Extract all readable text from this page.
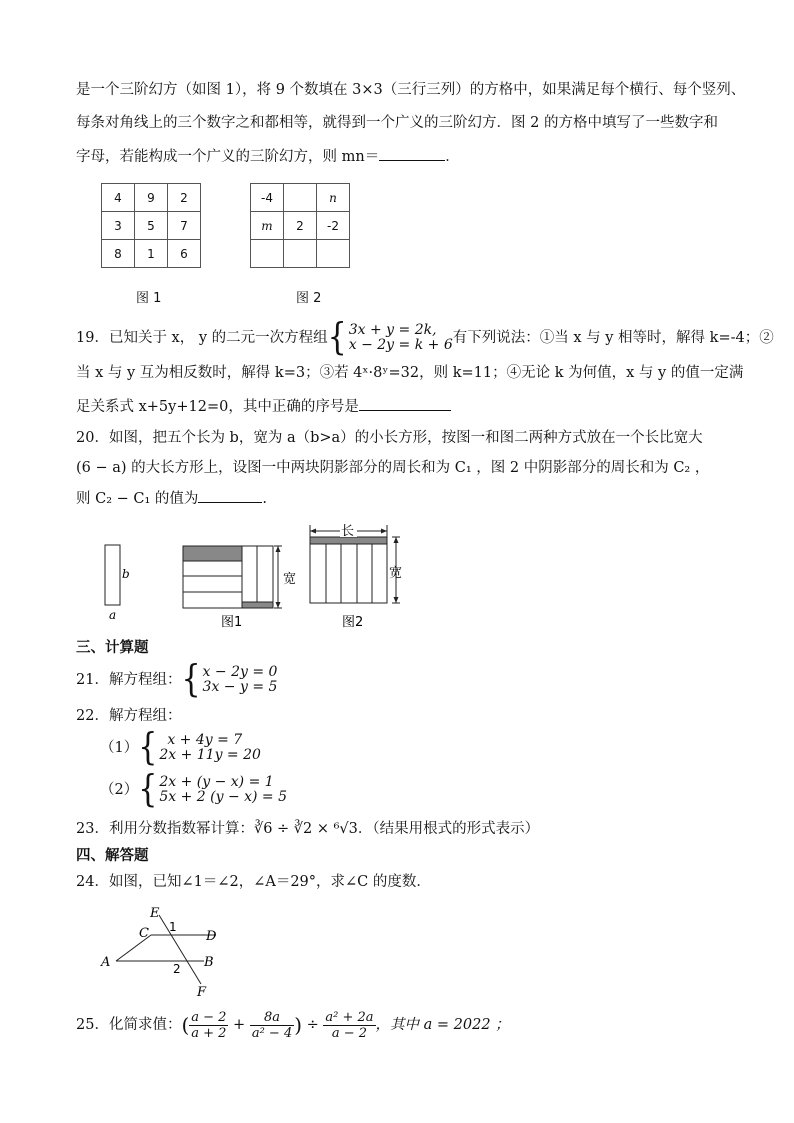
是一个三阶幻方（如图 1），将 9 个数填在 3×3（三行三列）的方格中，如果满足每个横行、每个竖列、
每条对角线上的三个数字之和都相等，就得到一个广义的三阶幻方．图 2 的方格中填写了一些数字和
字母，若能构成一个广义的三阶幻方，则 mn＝	．
4	9	2
3	5	7
8	1	6
图 1
-4		n
m	2	-2

图 2
19．已知关于 x， y 的二元一次方程组{ 3x + y = 2k,
x − 2y = k + 6 有下列说法：①当 x 与 y 相等时，解得 k=-4；②
当 x 与 y 互为相反数时，解得 k=3；③若 4ˣ·8ʸ=32，则 k=11；④无论 k 为何值，x 与 y 的值一定满
足关系式 x+5y+12=0，其中正确的序号是
20．如图，把五个长为 b，宽为 a（b>a）的小长方形，按图一和图二两种方式放在一个长比宽大
(6 − a) 的大长方形上，设图一中两块阴影部分的周长和为 C₁ ，图 2 中阴影部分的周长和为 C₂ ，
则 C₂ − C₁ 的值为	.
b
a
宽
长
宽
图1	图2
三、计算题
21．解方程组：{ x − 2y = 0
3x − y = 5
22．解方程组：
（1）{ x + 4y = 7
2x + 11y = 20
（2）{ 2x + (y − x) = 1
5x + 2 (y − x) = 5
23．利用分数指数幂计算：∛6 ÷ ∛2 × ⁶√3．（结果用根式的形式表示）
四、解答题
24．如图，已知∠1＝∠2，∠A＝29°，求∠C 的度数．
E
C 1
D
A	2 B
F
25．化简求值：( $\frac{a - 2}{a + 2} + \frac{8a}{\text{a² − 4}}$ ) ÷ $\frac{\text{a² + 2a}}{a - 2}$ ，其中 a = 2022 ；
